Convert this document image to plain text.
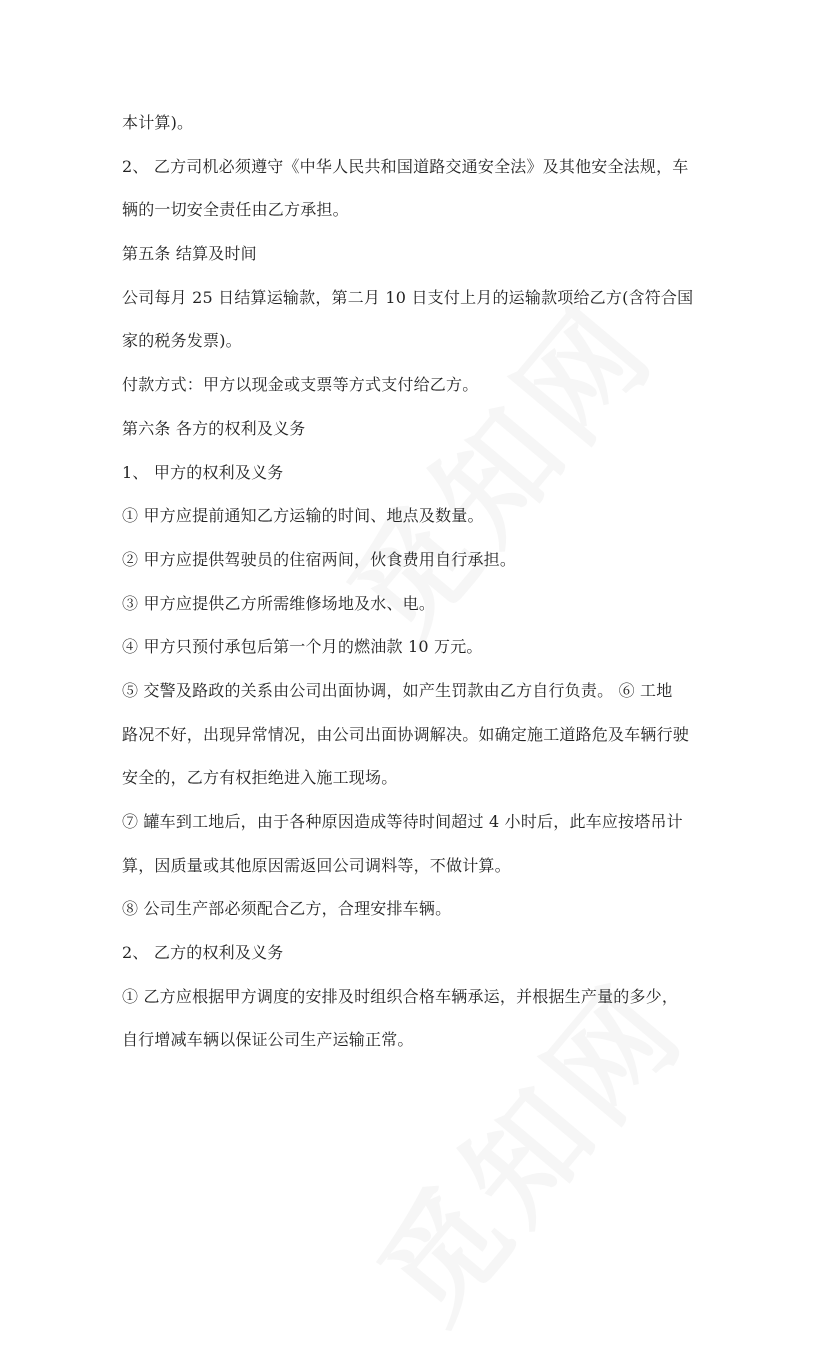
本计算)。
2、 乙方司机必须遵守《中华人民共和国道路交通安全法》及其他安全法规，车
辆的一切安全责任由乙方承担。
第五条 结算及时间
公司每月 25 日结算运输款，第二月 10 日支付上月的运输款项给乙方(含符合国
家的税务发票)。
付款方式：甲方以现金或支票等方式支付给乙方。
第六条 各方的权利及义务
1、 甲方的权利及义务
① 甲方应提前通知乙方运输的时间、地点及数量。
② 甲方应提供驾驶员的住宿两间，伙食费用自行承担。
③ 甲方应提供乙方所需维修场地及水、电。
④ 甲方只预付承包后第一个月的燃油款 10 万元。
⑤ 交警及路政的关系由公司出面协调，如产生罚款由乙方自行负责。 ⑥ 工地
路况不好，出现异常情况，由公司出面协调解决。如确定施工道路危及车辆行驶
安全的，乙方有权拒绝进入施工现场。
⑦ 罐车到工地后，由于各种原因造成等待时间超过 4 小时后，此车应按塔吊计
算，因质量或其他原因需返回公司调料等，不做计算。
⑧ 公司生产部必须配合乙方，合理安排车辆。
2、 乙方的权利及义务
① 乙方应根据甲方调度的安排及时组织合格车辆承运，并根据生产量的多少，
自行增减车辆以保证公司生产运输正常。
